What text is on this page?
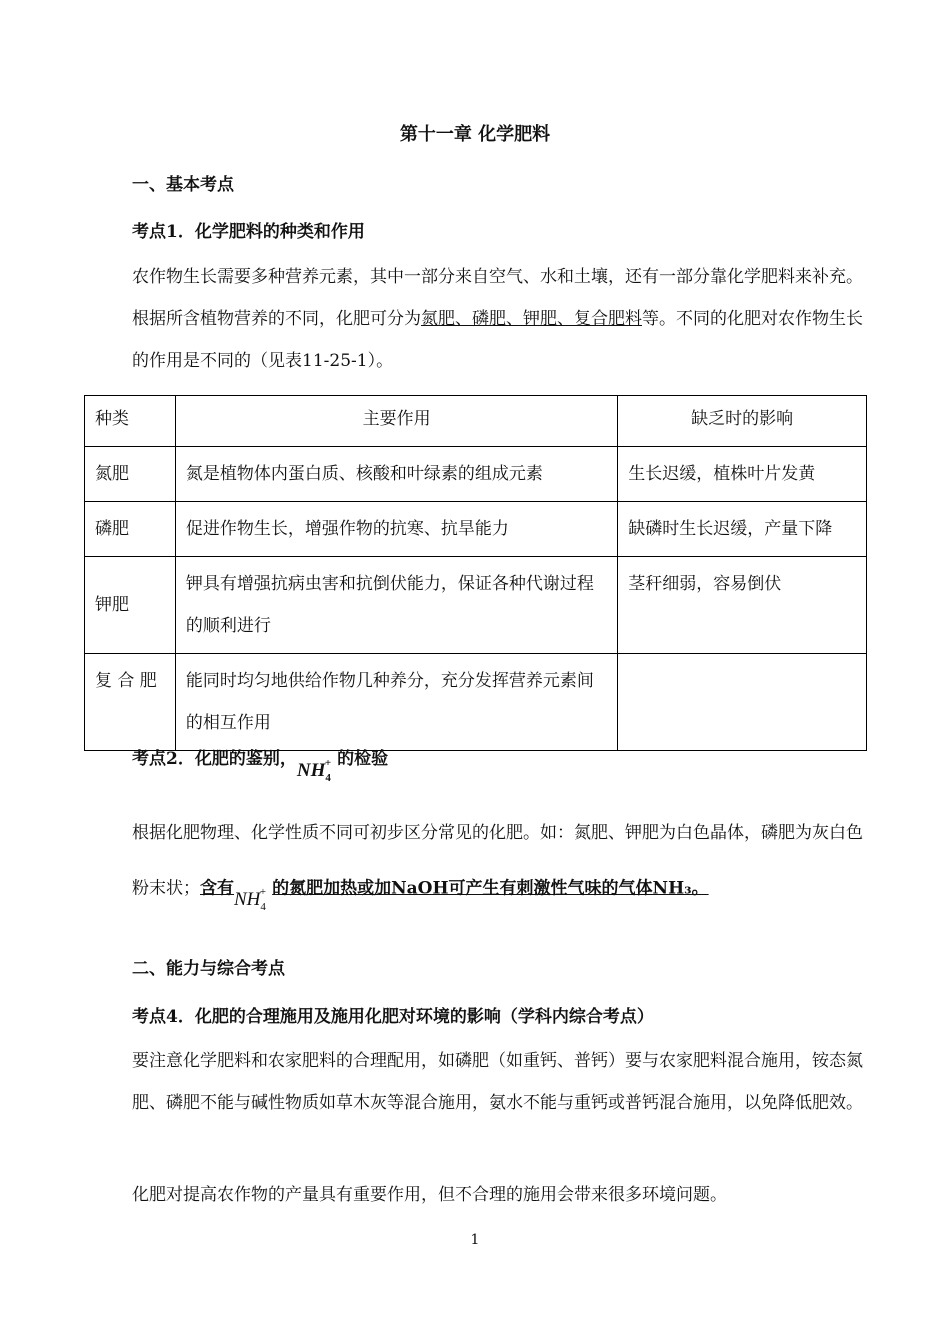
第十一章 化学肥料
一、基本考点
考点1．化学肥料的种类和作用
农作物生长需要多种营养元素，其中一部分来自空气、水和土壤，还有一部分靠化学肥料来补充。根据所含植物营养的不同，化肥可分为氮肥、磷肥、钾肥、复合肥料等。不同的化肥对农作物生长的作用是不同的（见表11-25-1）。
种类	主要作用	缺乏时的影响
氮肥	氮是植物体内蛋白质、核酸和叶绿素的组成元素	生长迟缓，植株叶片发黄
磷肥	促进作物生长，增强作物的抗寒、抗旱能力	缺磷时生长迟缓，产量下降
钾肥	钾具有增强抗病虫害和抗倒伏能力，保证各种代谢过程的顺利进行	茎秆细弱，容易倒伏
复 合 肥	能同时均匀地供给作物几种养分，充分发挥营养元素间的相互作用	
考点2．化肥的鉴别，$NH_4^+$ 的检验
根据化肥物理、化学性质不同可初步区分常见的化肥。如：氮肥、钾肥为白色晶体，磷肥为灰白色粉末状；含有$NH_4^+$ 的氮肥加热或加NaOH可产生有刺激性气味的气体NH₃。
二、能力与综合考点
考点4．化肥的合理施用及施用化肥对环境的影响（学科内综合考点）
要注意化学肥料和农家肥料的合理配用，如磷肥（如重钙、普钙）要与农家肥料混合施用，铵态氮肥、磷肥不能与碱性物质如草木灰等混合施用，氨水不能与重钙或普钙混合施用，以免降低肥效。
化肥对提高农作物的产量具有重要作用，但不合理的施用会带来很多环境问题。
1
